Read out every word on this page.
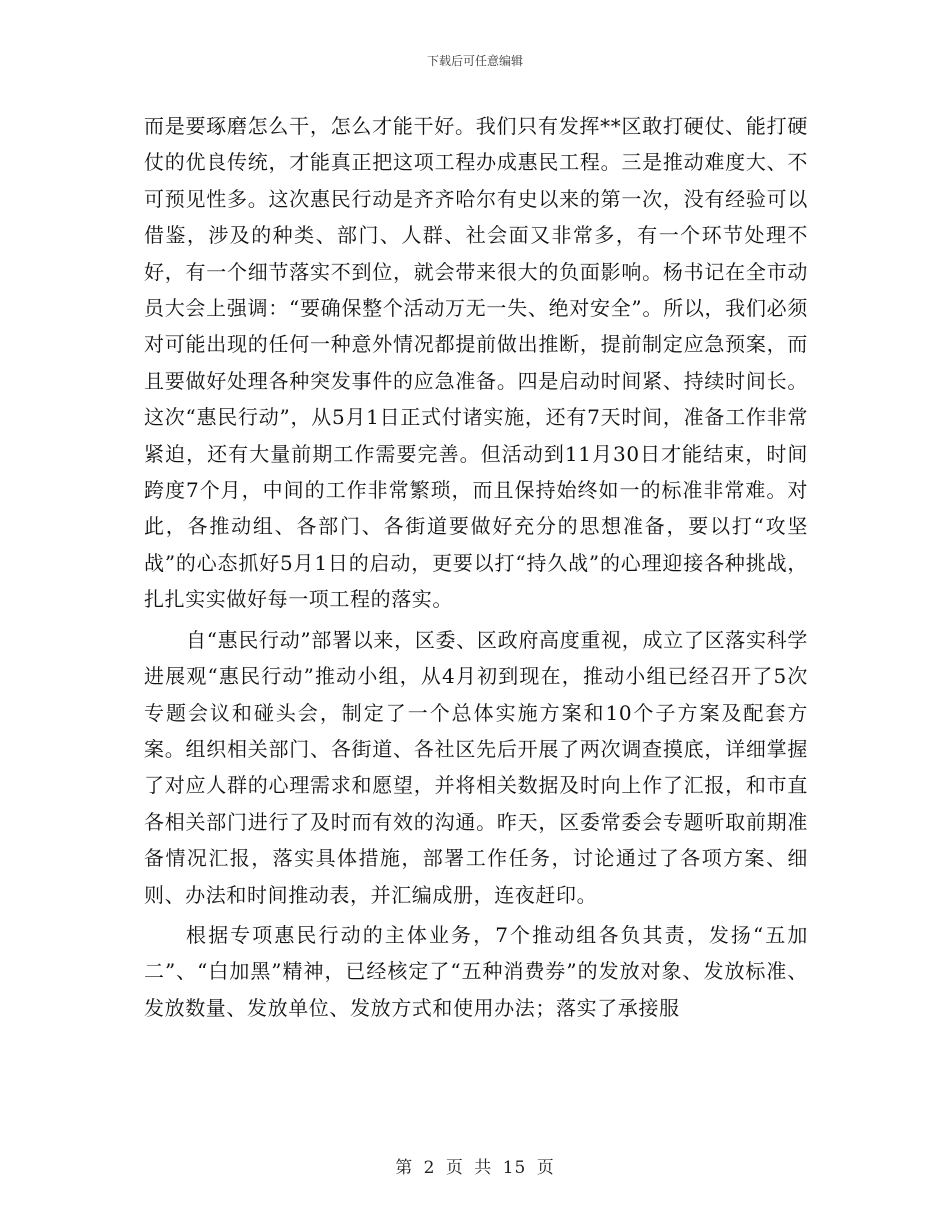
下载后可任意编辑

而是要琢磨怎么干，怎么才能干好。我们只有发挥**区敢打硬仗、能打硬仗的优良传统，才能真正把这项工程办成惠民工程。三是推动难度大、不可预见性多。这次惠民行动是齐齐哈尔有史以来的第一次，没有经验可以借鉴，涉及的种类、部门、人群、社会面又非常多，有一个环节处理不好，有一个细节落实不到位，就会带来很大的负面影响。杨书记在全市动员大会上强调：“要确保整个活动万无一失、绝对安全”。所以，我们必须对可能出现的任何一种意外情况都提前做出推断，提前制定应急预案，而且要做好处理各种突发事件的应急准备。四是启动时间紧、持续时间长。这次“惠民行动”，从5月1日正式付诸实施，还有7天时间，准备工作非常紧迫，还有大量前期工作需要完善。但活动到11月30日才能结束，时间跨度7个月，中间的工作非常繁琐，而且保持始终如一的标准非常难。对此，各推动组、各部门、各街道要做好充分的思想准备，要以打“攻坚战”的心态抓好5月1日的启动，更要以打“持久战”的心理迎接各种挑战，扎扎实实做好每一项工程的落实。

自“惠民行动”部署以来，区委、区政府高度重视，成立了区落实科学进展观“惠民行动”推动小组，从4月初到现在，推动小组已经召开了5次专题会议和碰头会，制定了一个总体实施方案和10个子方案及配套方案。组织相关部门、各街道、各社区先后开展了两次调查摸底，详细掌握了对应人群的心理需求和愿望，并将相关数据及时向上作了汇报，和市直各相关部门进行了及时而有效的沟通。昨天，区委常委会专题听取前期准备情况汇报，落实具体措施，部署工作任务，讨论通过了各项方案、细则、办法和时间推动表，并汇编成册，连夜赶印。

根据专项惠民行动的主体业务，7个推动组各负其责，发扬“五加二”、“白加黑”精神，已经核定了“五种消费券”的发放对象、发放标准、发放数量、发放单位、发放方式和使用办法；落实了承接服

第 2 页 共 15 页
